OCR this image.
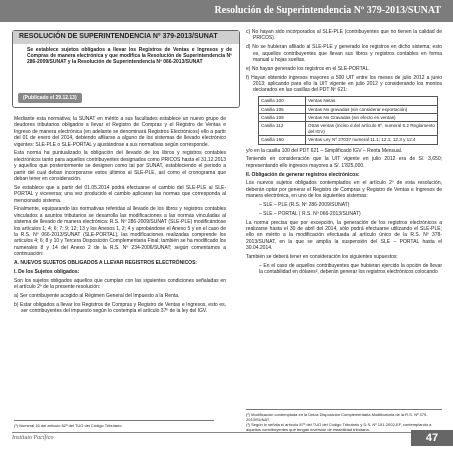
Resolución de Superintendencia Nº 379-2013/SUNAT
RESOLUCIÓN DE SUPERINTENDENCIA Nº 379-2013/SUNAT
Se establece sujetos obligados a llevar los Registros de Ventas e Ingresos y de Compras de manera electrónica y que modifica la Resolución de Superintendencia Nº 286-2009/SUNAT y la Resolución de Superintendencia Nº 066-2013/SUNAT
(Publicado el 29.12.13)

Mediante esta normativa; la SUNAT en mérito a sus facultades establece un nuevo grupo de deudores tributarios obligados a llevar el Registro de Compras y el Registro de Ventas e Ingreso de manera electrónica (en adelante se denominará Registros Electrónicos) ello a partir del 01 de enero del 2014, debiendo afiliarse a alguno de los sistemas de llevado electrónico vigentes: SLE-PLE o SLE-PORTAL y ajustándose a sus normativas según corresponde.

Esta norma ha puntualizado la obligación del llevado de los libros y registros contables electrónicos tanto para aquellos contribuyentes designados como PRICOS hasta el 31.12.2013 y aquellos que posteriormente se designen como tal por SUNAT, estableciendo el periodo a partir del cual deban incorporarse estos últimos al SLE-PLE, así como el cronograma que deban tener en consideración.

Se establece que a partir del 01.05.2014 podrá efectuarse el cambio del SLE-PLE al SLE-PORTAL y viceversa; una vez producido el cambio aplicaran las normas que corresponda al mencionado sistema.

Finalmente, equiparando las normativas referidas al llevado de los libros y registros contables vinculados a asuntos tributarios se desarrolla las modificaciones a las normas vinculadas al sistema de llevado de manera electrónica: R.S. Nº 286-2009/SUNAT (SLE-PLE) modificándose los artículos 1; 4; 6; 7; 9; 12; 13 y los Anexos 1, 2; 4 y aprobándose el Anexo 5 y en el caso de la R.S. Nº 066-2013/SUNAT (SLE-PORTAL), las modificaciones realizadas comprende los artículos 4; 6; 8 y 10 y Tercera Disposición Complementaria Final; también se ha modificado los numerales 8 y 14 del Anexo 2 de la R.S. Nº 234-2006/SUNAT; según comentamos a continuación:

A. NUEVOS SUJETOS OBLIGADOS A LLEVAR REGISTROS ELECTRÓNICOS:

I. De los Sujetos obligados:

Son los sujetos obligados aquellos que cumplan con las siguientes condiciones señaladas en el artículo 2º de la presente resolución:

a) Ser contribuyente acogido al Régimen General del Impuesto a la Renta.

b) Estar obligados a llevar los Registros de Compras y Registro de Ventas e Ingresos, esto es, ser contribuyentes del impuesto según lo contempla el artículo 37º de la ley del IGV.

(¹) Numeral 16 del artículo 62º del TUO del Código Tributario.

c) No hayan sido incorporados al SLE-PLE (contribuyentes que no tienen la calidad de PRICOS).

d) No se hubieran afiliado al SLE-PLE y generado los registros en dicho sistema; esto es, aquellos contribuyentes que llevan sus libros y registros contables en forma manual u hojas sueltas.

e) No hayan generado los registros en el SLE-PORTAL.

f) Hayan obtenido ingresos mayores a 500 UIT entre los meses de julio 2012 a junio 2013; aplicando para ello la UIT vigente en julio 2012 y considerando los montos declarados en las casillas del PDT Nº 621:

Casilla 100	Ventas Netas.
Casilla 105	Ventas No gravadas (sin considerar exportación)
Casilla 109	Ventas No Gravadas (sin efecto en ventas)
Casilla 112	Otras ventas (inciso d del artículo 6º, numeral 6.2 Reglamento del IGV)
Casilla 160	Ventas Ley Nº 27037 numeral 11.1; 12.1; 12.3 y 12.4

y/o en la casilla 100 del PDT 621 – Simplificado IGV – Renta Mensual.

Teniendo en consideración que la UIT vigente en julio 2012 era de S/. 3,650; representando ello ingresos mayores a S/. 1'825,000.

II. Obligación de generar registros electrónicos:

Los nuevos sujetos obligados contemplados en el artículo 2º de esta resolución, deberán optar por generar el Registro de Compras y Registro de Ventas e Ingresos de manera electrónica, en uno de los siguientes sistemas:

– SLE – PLE (R.S. Nº 286-2009/SUNAT)

– SLE – PORTAL ( R.S. Nº 066-2013/SUNAT)

La norma precisa que por excepción, la generación de los registros electrónicos a realizarse hasta el 30 de abril del 2014, sólo podrá efectuarse utilizando el SLE-PLE; ello en mérito a la modificación efectuada al artículo único de la R.S. Nº 378-2013/SUNAT, en la que se amplía la suspensión del SLE – PORTAL hasta el 30.04.2014.

También se deberá tener en consideración los siguientes supuestos:

– En el caso de aquellos contribuyentes que hubieran ejercido la opción de llevar la contabilidad en dólares², deberán generar los registros electrónicos colocando

(²) Modificación contemplada en la Única Disposición Complementaria Modificatoria de la R.S. Nº 379-2013/SUNAT.
(³) Según lo señala el artículo 87º del TUO del Código Tributario y D.S. Nº 151-2002-EF, contemplando a aquellos contribuyentes que tengan inversión de estabilidad tributaria.
Instituto Pacífico	47
